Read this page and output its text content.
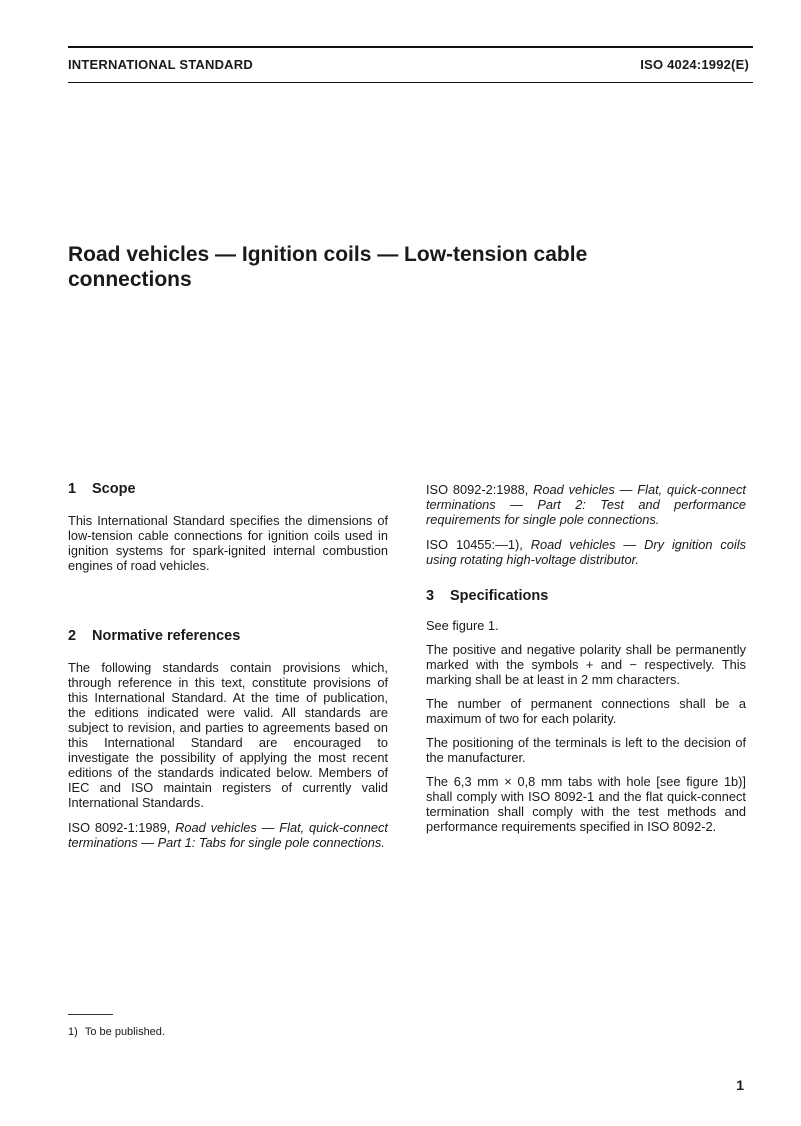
INTERNATIONAL STANDARD	ISO 4024:1992(E)
Road vehicles — Ignition coils — Low-tension cable
connections
1 Scope

This International Standard specifies the dimensions of low-tension cable connections for ignition coils used in ignition systems for spark-ignited internal combustion engines of road vehicles.

2 Normative references

The following standards contain provisions which, through reference in this text, constitute provisions of this International Standard. At the time of publication, the editions indicated were valid. All standards are subject to revision, and parties to agreements based on this International Standard are encouraged to investigate the possibility of applying the most recent editions of the standards indicated below. Members of IEC and ISO maintain registers of currently valid International Standards.

ISO 8092-1:1989, Road vehicles — Flat, quick-connect terminations — Part 1: Tabs for single pole connections.

ISO 8092-2:1988, Road vehicles — Flat, quick-connect terminations — Part 2: Test and performance requirements for single pole connections.

ISO 10455:—1), Road vehicles — Dry ignition coils using rotating high-voltage distributor.

3 Specifications

See figure 1.

The positive and negative polarity shall be permanently marked with the symbols + and − respectively. This marking shall be at least in 2 mm characters.

The number of permanent connections shall be a maximum of two for each polarity.

The positioning of the terminals is left to the decision of the manufacturer.

The 6,3 mm × 0,8 mm tabs with hole [see figure 1b)] shall comply with ISO 8092-1 and the flat quick-connect termination shall comply with the test methods and performance requirements specified in ISO 8092-2.

1) To be published.
1
